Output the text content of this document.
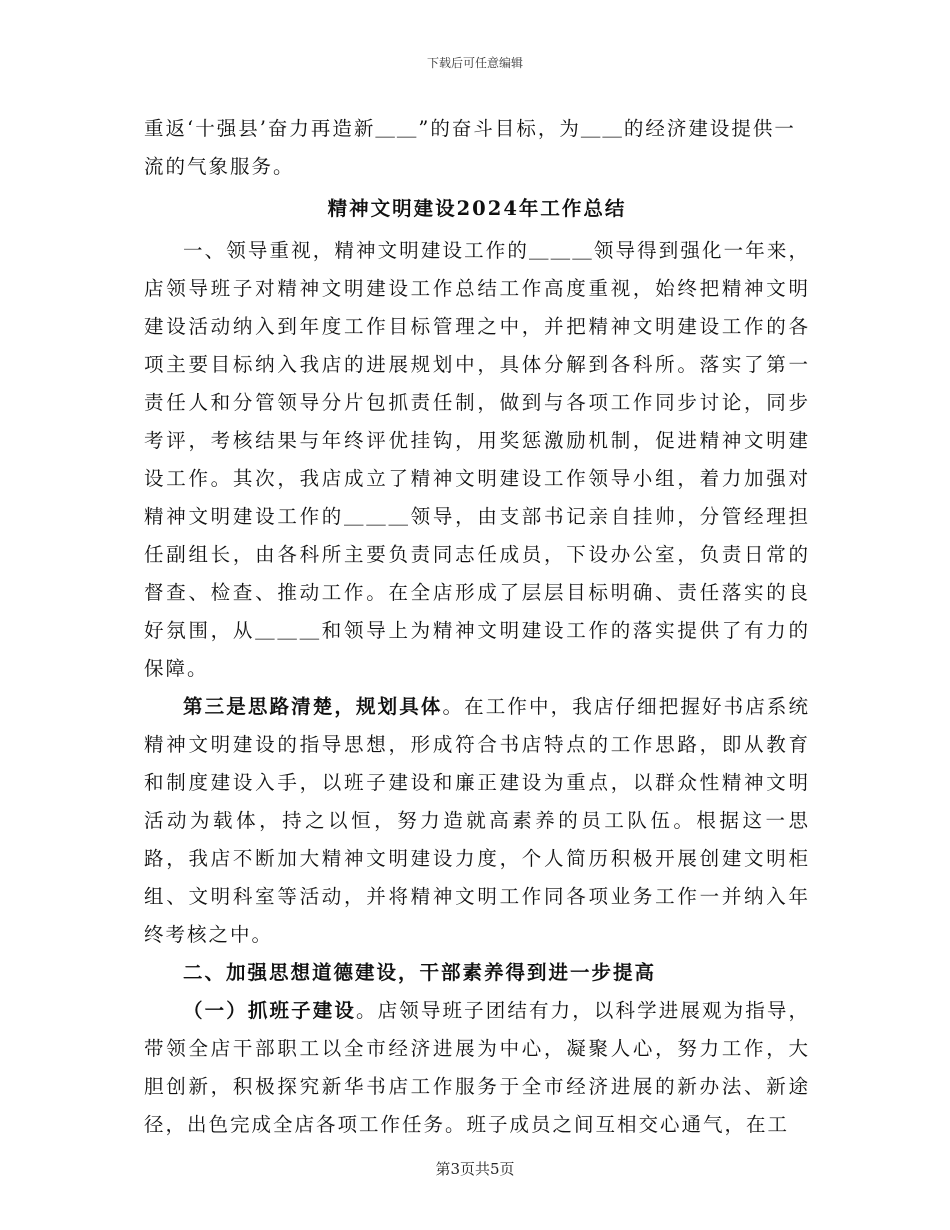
下载后可任意编辑

重返‘十强县’奋力再造新＿＿”的奋斗目标，为＿＿的经济建设提供一

流的气象服务。

精神文明建设2024年工作总结

一、领导重视，精神文明建设工作的＿＿＿领导得到强化一年来，店领导班子对精神文明建设工作总结工作高度重视，始终把精神文明建设活动纳入到年度工作目标管理之中，并把精神文明建设工作的各项主要目标纳入我店的进展规划中，具体分解到各科所。落实了第一责任人和分管领导分片包抓责任制，做到与各项工作同步讨论，同步考评，考核结果与年终评优挂钩，用奖惩激励机制，促进精神文明建设工作。其次，我店成立了精神文明建设工作领导小组，着力加强对精神文明建设工作的＿＿＿领导，由支部书记亲自挂帅，分管经理担任副组长，由各科所主要负责同志任成员，下设办公室，负责日常的督查、检查、推动工作。在全店形成了层层目标明确、责任落实的良好氛围，从＿＿＿和领导上为精神文明建设工作的落实提供了有力的保障。

第三是思路清楚，规划具体。在工作中，我店仔细把握好书店系统精神文明建设的指导思想，形成符合书店特点的工作思路，即从教育和制度建设入手，以班子建设和廉正建设为重点，以群众性精神文明活动为载体，持之以恒，努力造就高素养的员工队伍。根据这一思路，我店不断加大精神文明建设力度，个人简历积极开展创建文明柜组、文明科室等活动，并将精神文明工作同各项业务工作一并纳入年终考核之中。

二、加强思想道德建设，干部素养得到进一步提高

（一）抓班子建设。店领导班子团结有力，以科学进展观为指导，带领全店干部职工以全市经济进展为中心，凝聚人心，努力工作，大胆创新，积极探究新华书店工作服务于全市经济进展的新办法、新途径，出色完成全店各项工作任务。班子成员之间互相交心通气，在工

第3页共5页
